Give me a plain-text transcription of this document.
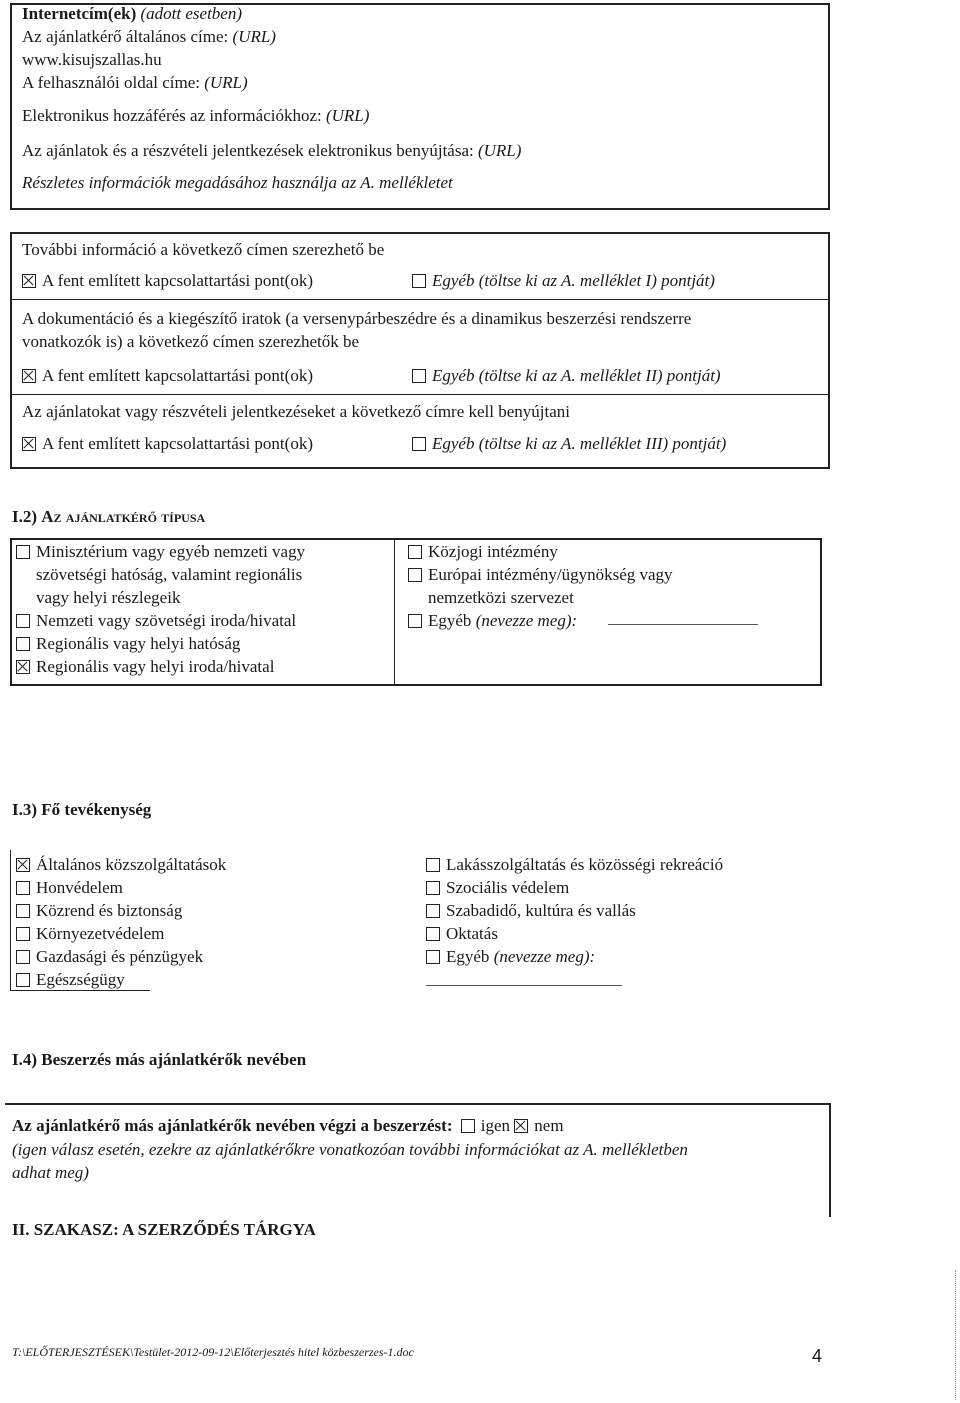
Internetcím(ek) (adott esetben)
Az ajánlatkérő általános címe: (URL)
www.kisujszallas.hu
A felhasználói oldal címe: (URL)
Elektronikus hozzáférés az információkhoz: (URL)
Az ajánlatok és a részvételi jelentkezések elektronikus benyújtása: (URL)
Részletes információk megadásához használja az A. mellékletet
További információ a következő címen szerezhető be
A fent említett kapcsolattartási pont(ok)	Egyéb (töltse ki az A. melléklet I) pontját)
A dokumentáció és a kiegészítő iratok (a versenypárbeszédre és a dinamikus beszerzési rendszerre
vonatkozók is) a következő címen szerezhetők be
A fent említett kapcsolattartási pont(ok)	Egyéb (töltse ki az A. melléklet II) pontját)
Az ajánlatokat vagy részvételi jelentkezéseket a következő címre kell benyújtani
A fent említett kapcsolattartási pont(ok)	Egyéb (töltse ki az A. melléklet III) pontját)
I.2) Az ajánlatkérő típusa
Minisztérium vagy egyéb nemzeti vagy
szövetségi hatóság, valamint regionális
vagy helyi részlegeik
Nemzeti vagy szövetségi iroda/hivatal
Regionális vagy helyi hatóság
Regionális vagy helyi iroda/hivatal
Közjogi intézmény
Európai intézmény/ügynökség vagy
nemzetközi szervezet
Egyéb (nevezze meg):
I.3) Fő tevékenység
Általános közszolgáltatások
Honvédelem
Közrend és biztonság
Környezetvédelem
Gazdasági és pénzügyek
Egészségügy
Lakásszolgáltatás és közösségi rekreáció
Szociális védelem
Szabadidő, kultúra és vallás
Oktatás
Egyéb (nevezze meg):
I.4) Beszerzés más ajánlatkérők nevében
Az ajánlatkérő más ajánlatkérők nevében végzi a beszerzést: igen nem
(igen válasz esetén, ezekre az ajánlatkérőkre vonatkozóan további információkat az A. mellékletben
adhat meg)
II. SZAKASZ: A SZERZŐDÉS TÁRGYA
T:\ELŐTERJESZTÉSEK\Testület-2012-09-12\Előterjesztés hitel közbeszerzes-1.doc	4
